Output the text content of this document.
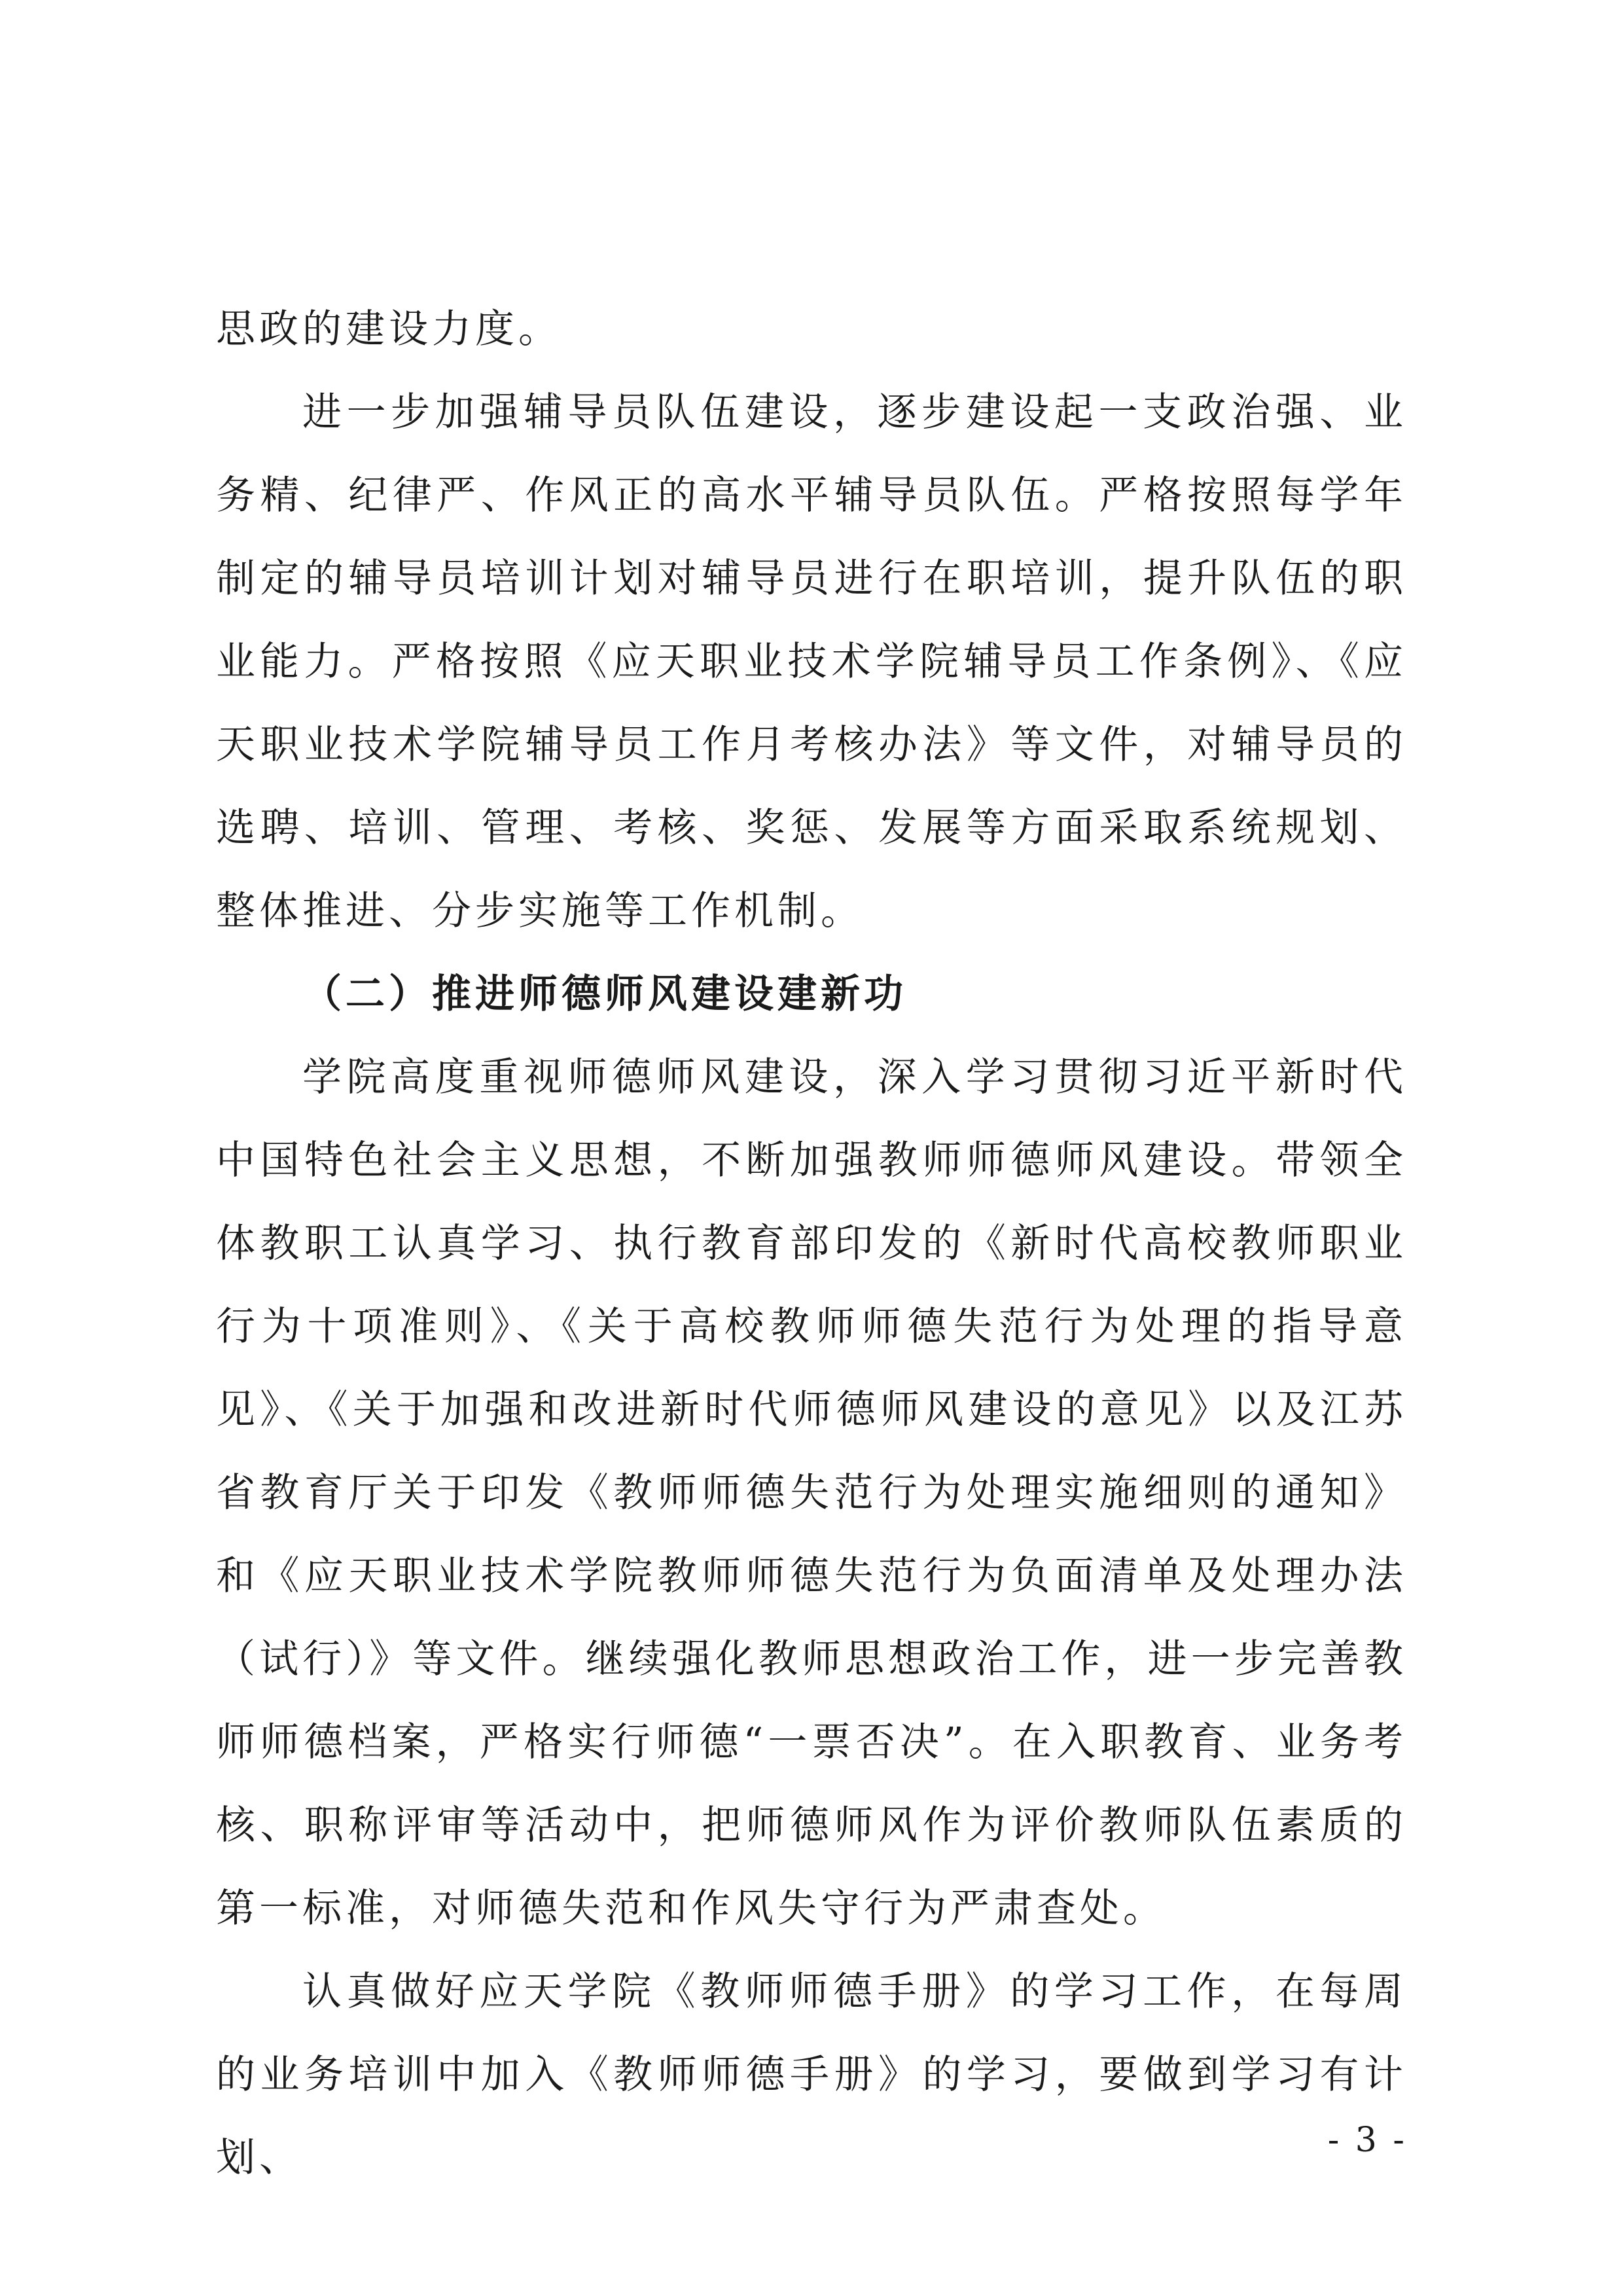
思政的建设力度。

进一步加强辅导员队伍建设，逐步建设起一支政治强、业务精、纪律严、作风正的高水平辅导员队伍。严格按照每学年制定的辅导员培训计划对辅导员进行在职培训，提升队伍的职业能力。严格按照《应天职业技术学院辅导员工作条例》、《应天职业技术学院辅导员工作月考核办法》等文件，对辅导员的选聘、培训、管理、考核、奖惩、发展等方面采取系统规划、整体推进、分步实施等工作机制。

（二）推进师德师风建设建新功

学院高度重视师德师风建设，深入学习贯彻习近平新时代中国特色社会主义思想，不断加强教师师德师风建设。带领全体教职工认真学习、执行教育部印发的《新时代高校教师职业行为十项准则》、《关于高校教师师德失范行为处理的指导意见》、《关于加强和改进新时代师德师风建设的意见》以及江苏省教育厅关于印发《教师师德失范行为处理实施细则的通知》和《应天职业技术学院教师师德失范行为负面清单及处理办法（试行）》等文件。继续强化教师思想政治工作，进一步完善教师师德档案，严格实行师德“一票否决”。在入职教育、业务考核、职称评审等活动中，把师德师风作为评价教师队伍素质的第一标准，对师德失范和作风失守行为严肃查处。

认真做好应天学院《教师师德手册》的学习工作，在每周的业务培训中加入《教师师德手册》的学习，要做到学习有计划、	- 3 -
